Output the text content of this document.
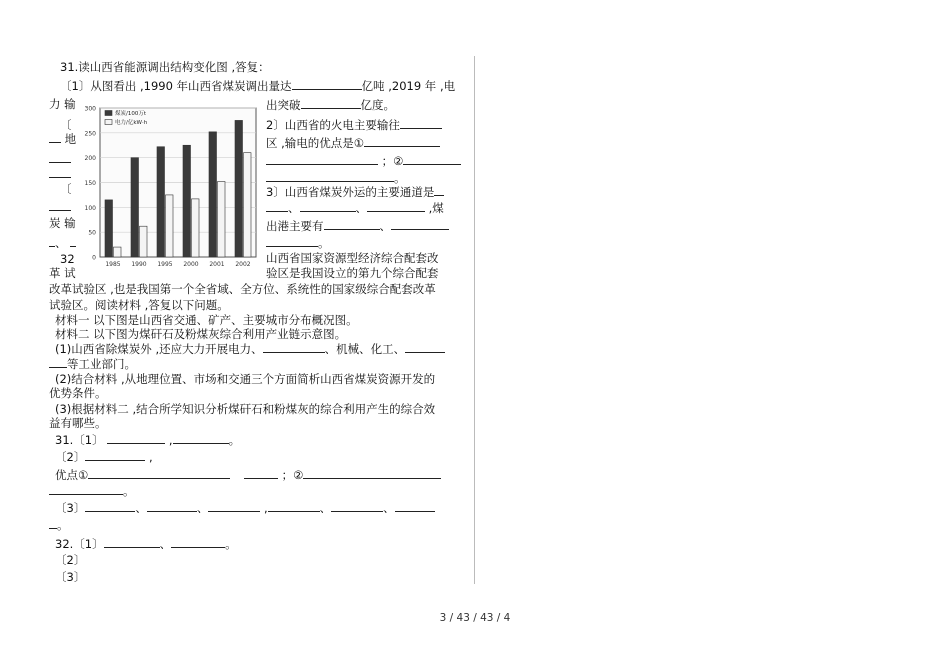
31.读山西省能源调出结构变化图 ,答复：
〔1〕从图看出 ,1990 年山西省煤炭调出量达	亿吨 ,2019 年 ,电
力 输	出突破	亿度。
〔
地
〔
炭 输
、
32
革 试
0
50
100
150
200
250
300
1985 1990 1995 2000 2001 2002
煤炭/100万t
电力/亿kW·h	2〕山西省的火电主要输往
区 ,输电的优点是①
；②
。
3〕山西省煤炭外运的主要通道是
、	、	,煤
出港主要有	、
。
山西省国家资源型经济综合配套改
验区是我国设立的第九个综合配套
改革试验区 ,也是我国第一个全省域、全方位、系统性的国家级综合配套改革
试验区。阅读材料 ,答复以下问题。
材料一 以下图是山西省交通、矿产、主要城市分布概况图。
材料二 以下图为煤矸石及粉煤灰综合利用产业链示意图。
(1)山西省除煤炭外 ,还应大力开展电力、	、机械、化工、
等工业部门。
(2)结合材料 ,从地理位置、市场和交通三个方面简析山西省煤炭资源开发的
优势条件。
(3)根据材料二 ,结合所学知识分析煤矸石和粉煤灰的综合利用产生的综合效
益有哪些。
31.〔1〕	,	。
〔2〕	,
优点①	；②
。
〔3〕	、	、	,	、	、
。
32.〔1〕	、	。
〔2〕
〔3〕
3 / 43 / 43 / 4
